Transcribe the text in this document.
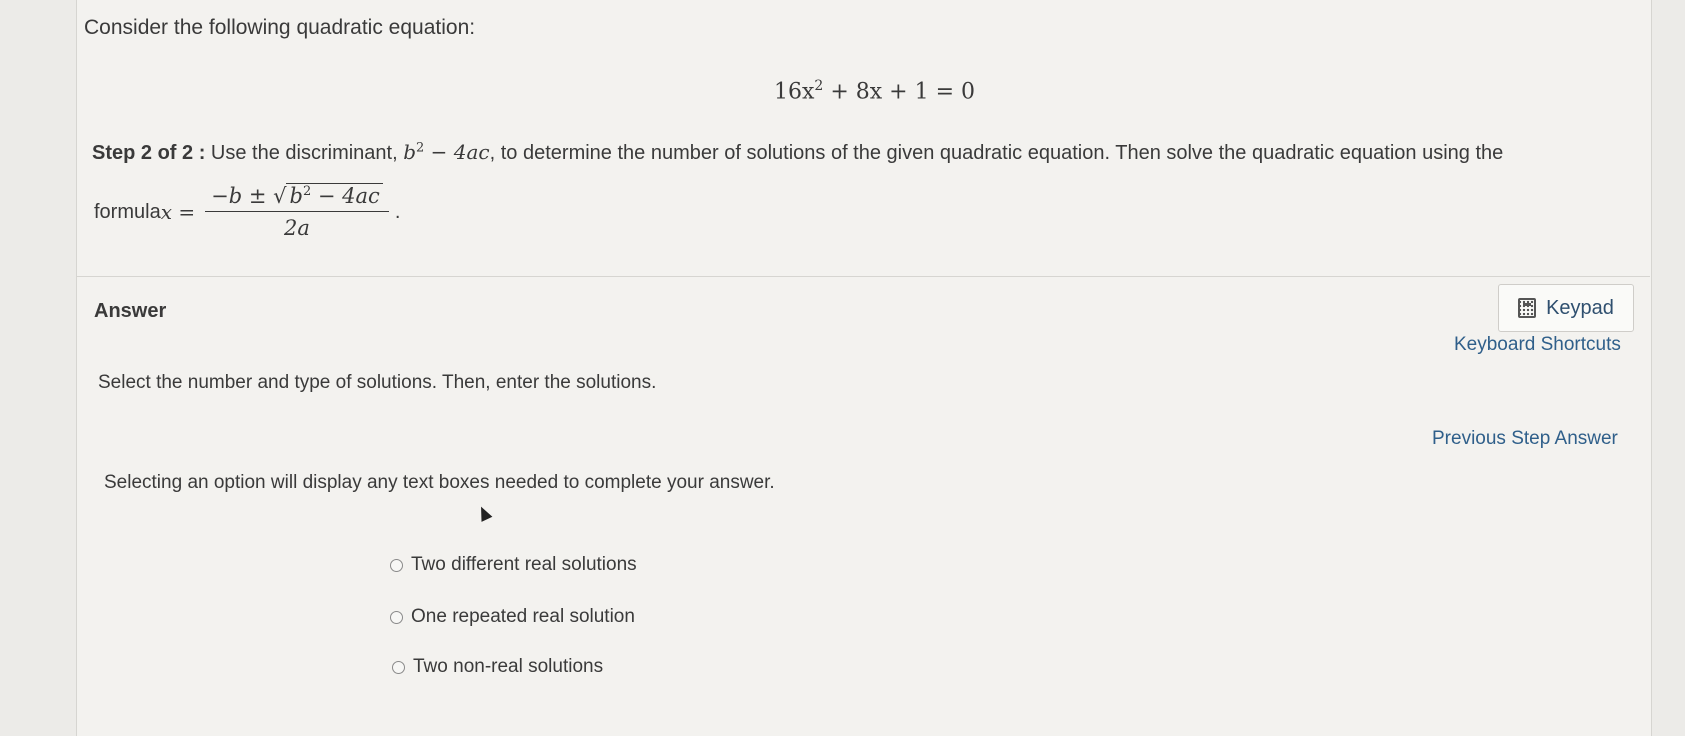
Consider the following quadratic equation:
$16x^2 + 8x + 1 = 0$
Step 2 of 2 : Use the discriminant, $b^2 - 4ac$, to determine the number of solutions of the given quadratic equation. Then solve the quadratic equation using the
formula $x = \frac{-b \pm √ b^2 - 4ac}{2a}$ .
Answer	Keypad
Keyboard Shortcuts
Select the number and type of solutions. Then, enter the solutions.
Previous Step Answer
Selecting an option will display any text boxes needed to complete your answer.
Two different real solutions
One repeated real solution
Two non-real solutions
